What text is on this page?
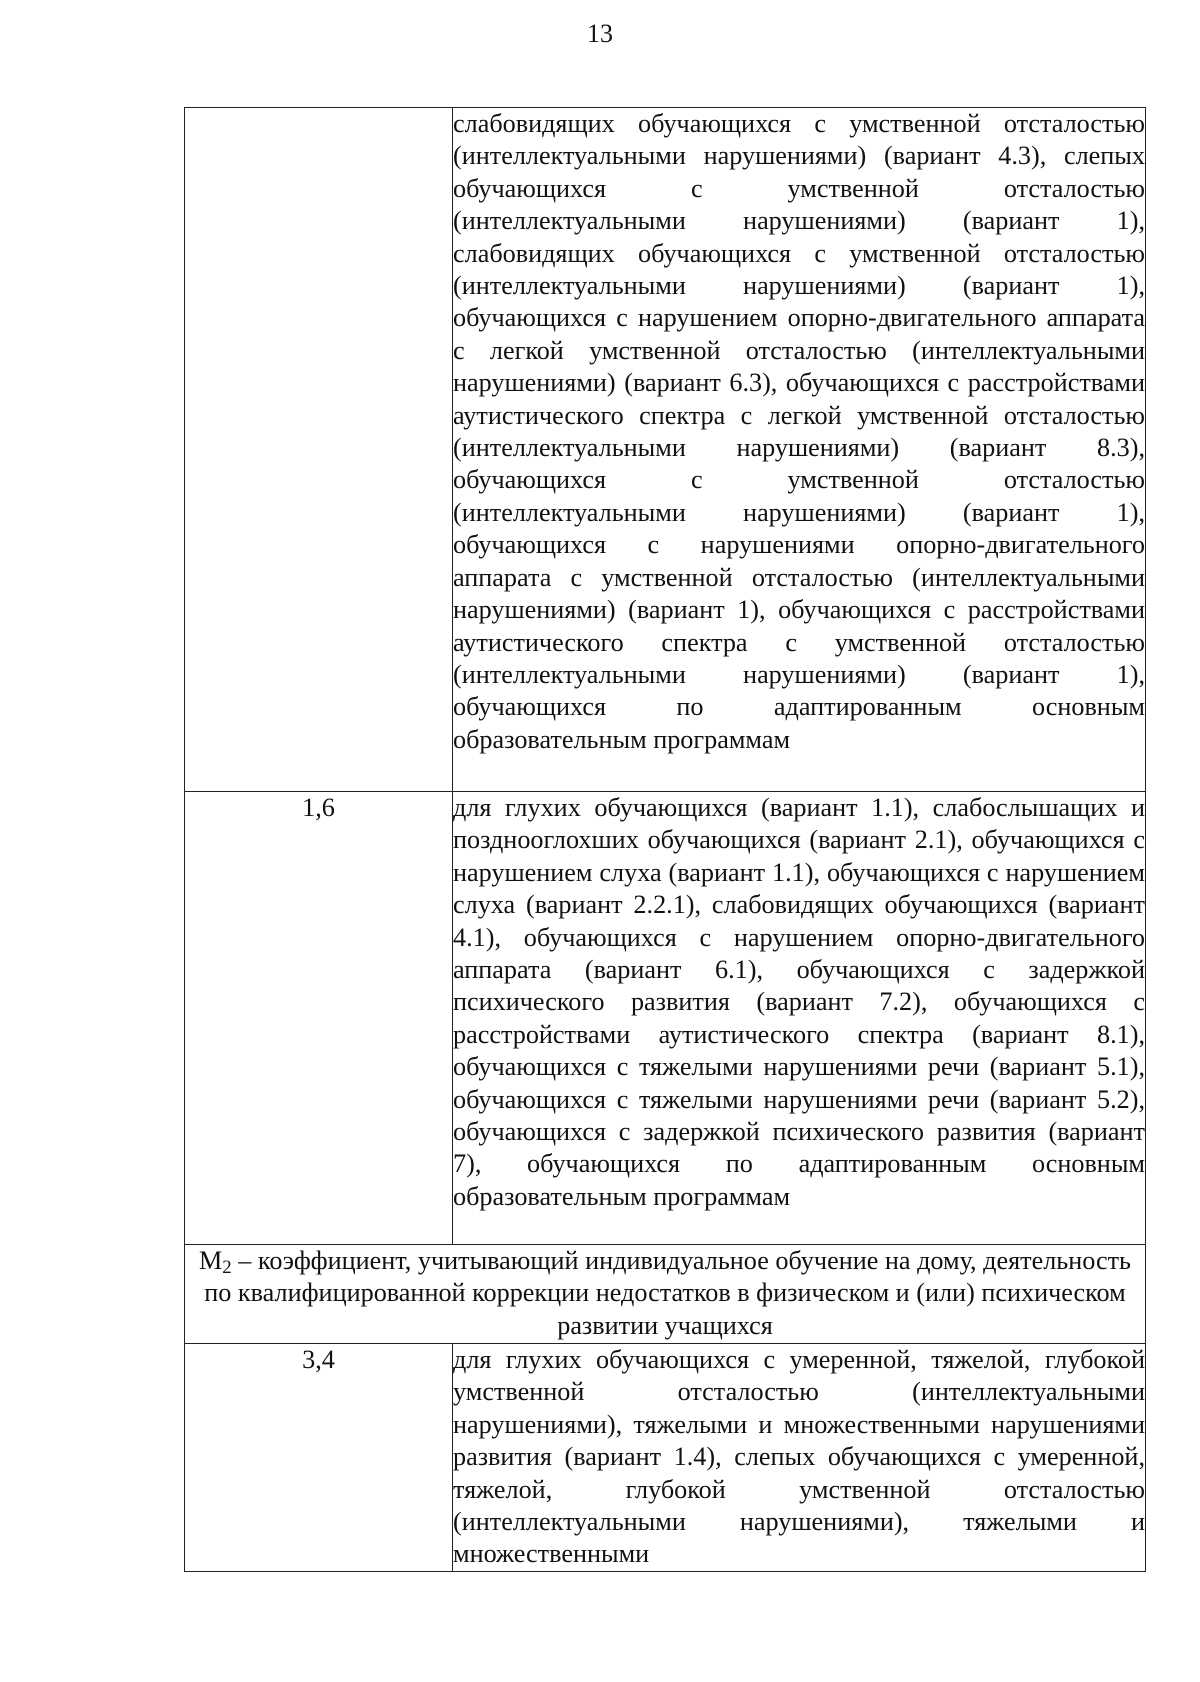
13

	слабовидящих обучающихся с умственной отсталостью (интеллектуальными нарушениями) (вариант 4.3), слепых обучающихся с умственной отсталостью (интеллектуальными нарушениями) (вариант 1), слабовидящих обучающихся с умственной отсталостью (интеллектуальными нарушениями) (вариант 1), обучающихся с нарушением опорно-двигательного аппарата с легкой умственной отсталостью (интеллектуальными нарушениями) (вариант 6.3), обучающихся с расстройствами аутистического спектра с легкой умственной отсталостью (интеллектуальными нарушениями) (вариант 8.3), обучающихся с умственной отсталостью (интеллектуальными нарушениями) (вариант 1), обучающихся с нарушениями опорно-двигательного аппарата с умственной отсталостью (интеллектуальными нарушениями) (вариант 1), обучающихся с расстройствами аутистического спектра с умственной отсталостью (интеллектуальными нарушениями) (вариант 1), обучающихся по адаптированным основным образовательным программам

1,6	для глухих обучающихся (вариант 1.1), слабослышащих и позднооглохших обучающихся (вариант 2.1), обучающихся с нарушением слуха (вариант 1.1), обучающихся с нарушением слуха (вариант 2.2.1), слабовидящих обучающихся (вариант 4.1), обучающихся с нарушением опорно-двигательного аппарата (вариант 6.1), обучающихся с задержкой психического развития (вариант 7.2), обучающихся с расстройствами аутистического спектра (вариант 8.1), обучающихся с тяжелыми нарушениями речи (вариант 5.1), обучающихся с тяжелыми нарушениями речи (вариант 5.2), обучающихся с задержкой психического развития (вариант 7), обучающихся по адаптированным основным образовательным программам

$M_2$ – коэффициент, учитывающий индивидуальное обучение на дому, деятельность по квалифицированной коррекции недостатков в физическом и (или) психическом развитии учащихся	
3,4	для глухих обучающихся с умеренной, тяжелой, глубокой умственной отсталостью (интеллектуальными нарушениями), тяжелыми и множественными нарушениями развития (вариант 1.4), слепых обучающихся с умеренной, тяжелой, глубокой умственной отсталостью (интеллектуальными нарушениями), тяжелыми и множественными
